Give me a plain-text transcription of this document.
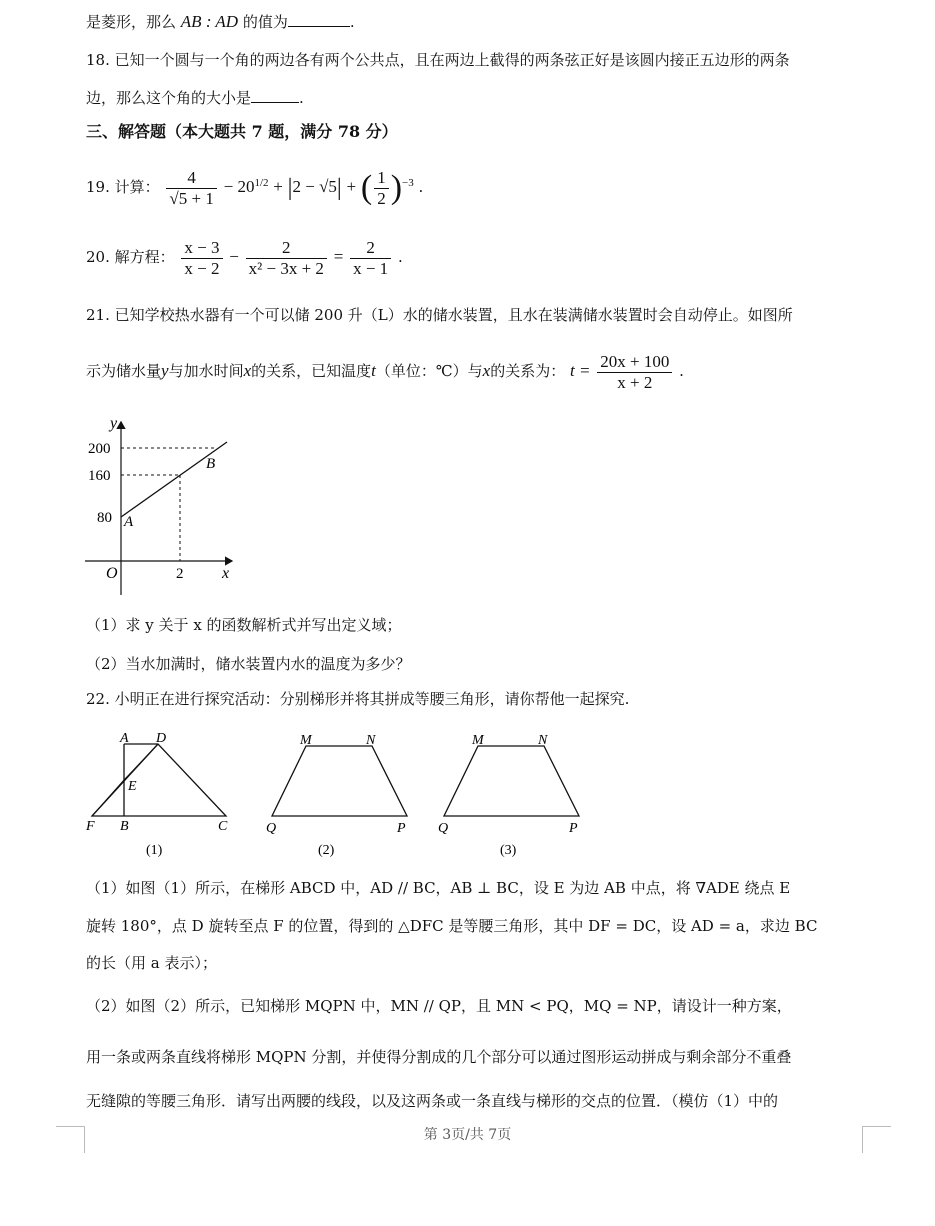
是菱形，那么 AB : AD 的值为	.
18. 已知一个圆与一个角的两边各有两个公共点，且在两边上截得的两条弦正好是该圆内接正五边形的两条
边，那么这个角的大小是	.
三、解答题（本大题共 7 题，满分 78 分）
19. 计算： $\frac{4}{√5 + 1} - 20^{1/2} + |2 - √5|$ + ( $\frac{1}{2} )^{-3}$ .
20. 解方程： $\frac{x - 3}{x - 2} - \frac{2}{\text{x² − 3x + 2}} = \frac{2}{x - 1}$ .
21. 已知学校热水器有一个可以储 200 升（L）水的储水装置，且水在装满储水装置时会自动停止。如图所
示为储水量y与加水时间x的关系，已知温度t（单位：℃）与x的关系为： $t = \frac{20x + 100}{x + 2}$ .
y
x
O
200
160
80
2
A
B
（1）求 y 关于 x 的函数解析式并写出定义域；
（2）当水加满时，储水装置内水的温度为多少？
22. 小明正在进行探究活动：分别梯形并将其拼成等腰三角形，请你帮他一起探究.
A D
E
F B	C
(1)
M	N
Q	P
(2)
M	N
Q	P
(3)
（1）如图（1）所示，在梯形 ABCD 中，AD // BC，AB ⊥ BC，设 E 为边 AB 中点，将 ∇ADE 绕点 E
旋转 180°，点 D 旋转至点 F 的位置，得到的 △DFC 是等腰三角形，其中 DF = DC，设 AD = a，求边 BC
的长（用 a 表示）；
（2）如图（2）所示，已知梯形 MQPN 中，MN // QP，且 MN < PQ，MQ = NP，请设计一种方案，
用一条或两条直线将梯形 MQPN 分割，并使得分割成的几个部分可以通过图形运动拼成与剩余部分不重叠
无缝隙的等腰三角形．请写出两腰的线段，以及这两条或一条直线与梯形的交点的位置．（模仿（1）中的
第 3页/共 7页
